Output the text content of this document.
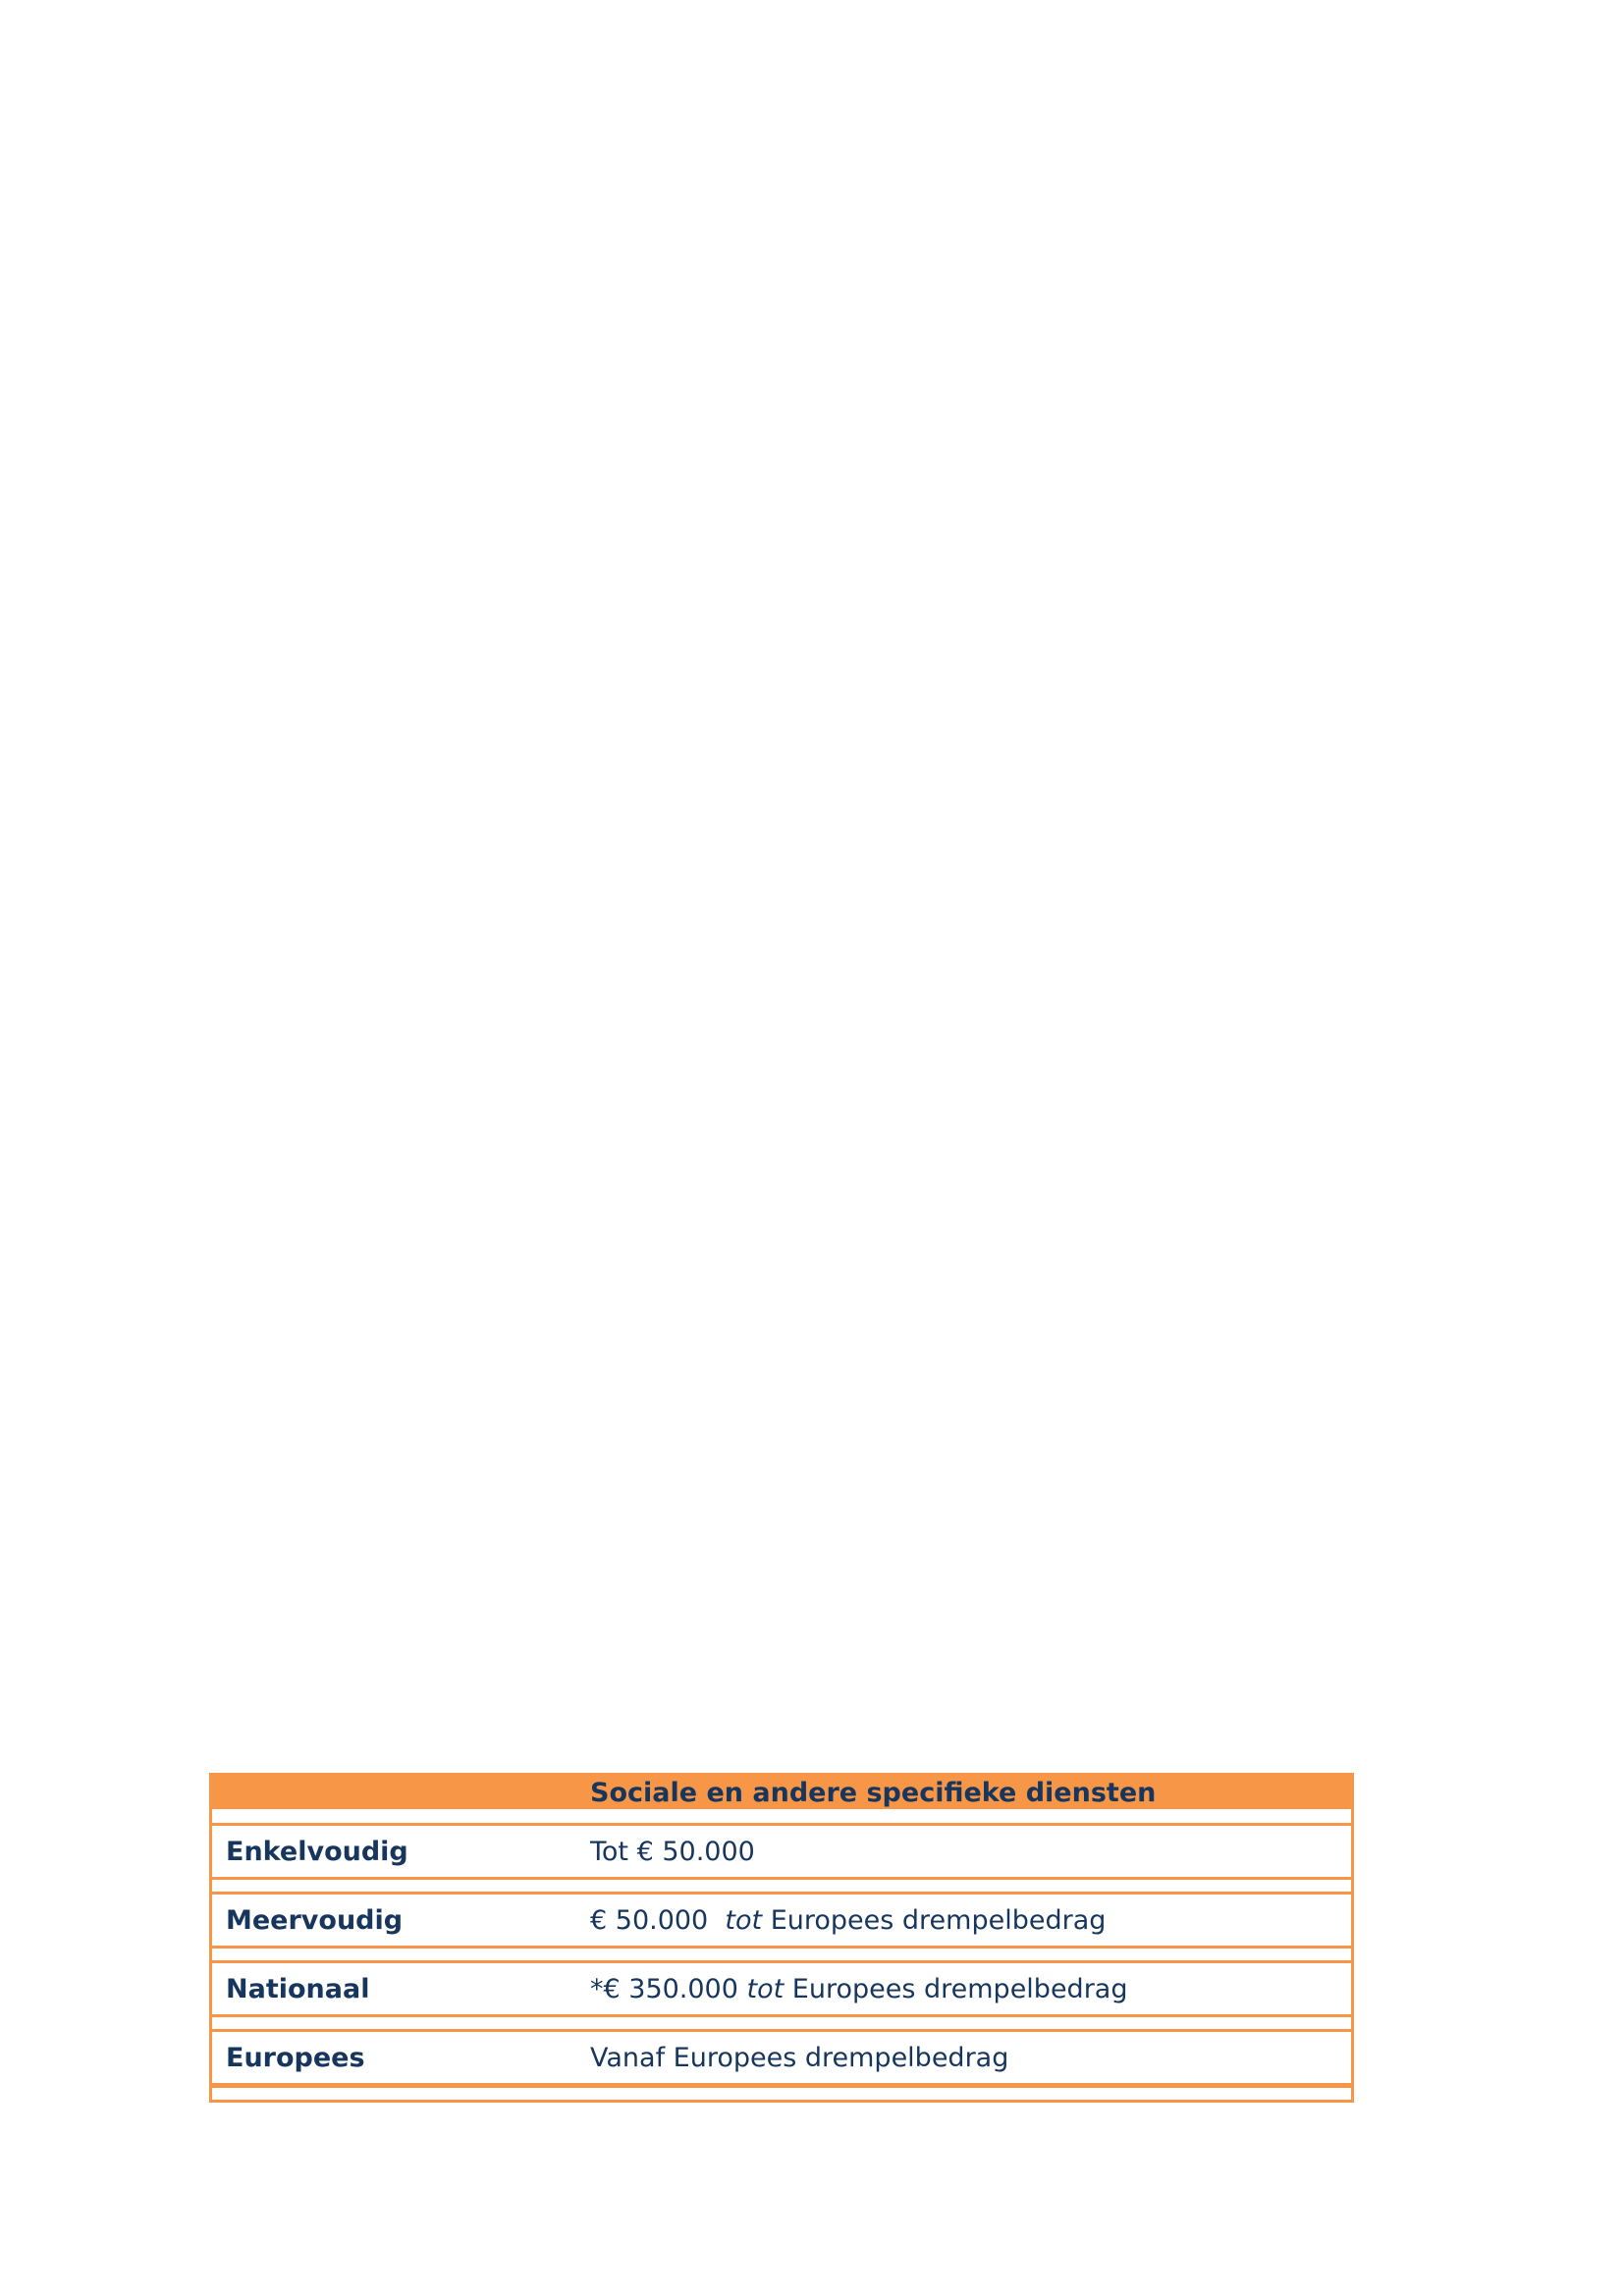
Sociale en andere specifieke diensten
Enkelvoudig	Tot € 50.000
Meervoudig	€ 50.000  tot Europees drempelbedrag
Nationaal	*€ 350.000 tot Europees drempelbedrag
Europees	Vanaf Europees drempelbedrag
